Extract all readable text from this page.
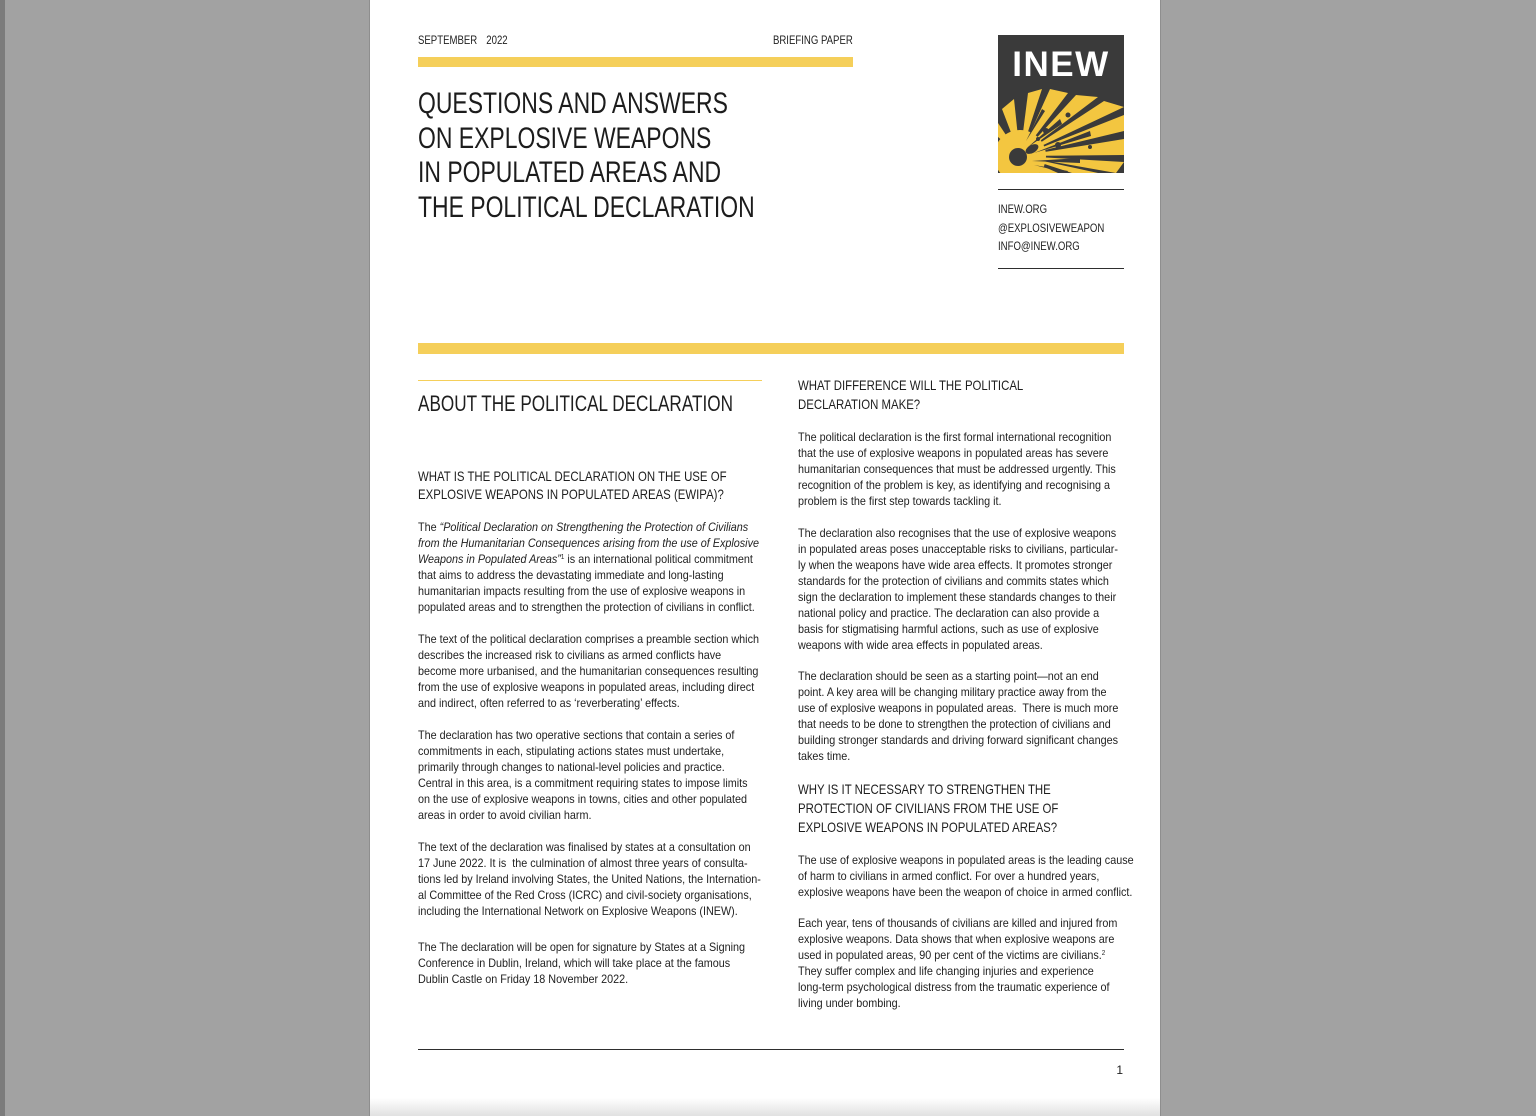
SEPTEMBER 2022	BRIEFING PAPER
QUESTIONS AND ANSWERS
ON EXPLOSIVE WEAPONS
IN POPULATED AREAS AND
THE POLITICAL DECLARATION
INEW
INEW.ORG
@EXPLOSIVEWEAPON
INFO@INEW.ORG
ABOUT THE POLITICAL DECLARATION
WHAT IS THE POLITICAL DECLARATION ON THE USE OF
EXPLOSIVE WEAPONS IN POPULATED AREAS (EWIPA)?
The “Political Declaration on Strengthening the Protection of Civilians
from the Humanitarian Consequences arising from the use of Explosive
Weapons in Populated Areas”$^1$ is an international political commitment
that aims to address the devastating immediate and long-lasting
humanitarian impacts resulting from the use of explosive weapons in
populated areas and to strengthen the protection of civilians in conflict.
The text of the political declaration comprises a preamble section which
describes the increased risk to civilians as armed conflicts have
become more urbanised, and the humanitarian consequences resulting
from the use of explosive weapons in populated areas, including direct
and indirect, often referred to as ‘reverberating’ effects.
The declaration has two operative sections that contain a series of
commitments in each, stipulating actions states must undertake,
primarily through changes to national-level policies and practice.
Central in this area, is a commitment requiring states to impose limits
on the use of explosive weapons in towns, cities and other populated
areas in order to avoid civilian harm.
The text of the declaration was finalised by states at a consultation on
17 June 2022. It is  the culmination of almost three years of consulta-
tions led by Ireland involving States, the United Nations, the Internation-
al Committee of the Red Cross (ICRC) and civil-society organisations,
including the International Network on Explosive Weapons (INEW).
The The declaration will be open for signature by States at a Signing
Conference in Dublin, Ireland, which will take place at the famous
Dublin Castle on Friday 18 November 2022.
WHAT DIFFERENCE WILL THE POLITICAL
DECLARATION MAKE?
The political declaration is the first formal international recognition
that the use of explosive weapons in populated areas has severe
humanitarian consequences that must be addressed urgently. This
recognition of the problem is key, as identifying and recognising a
problem is the first step towards tackling it.
The declaration also recognises that the use of explosive weapons
in populated areas poses unacceptable risks to civilians, particular-
ly when the weapons have wide area effects. It promotes stronger
standards for the protection of civilians and commits states which
sign the declaration to implement these standards changes to their
national policy and practice. The declaration can also provide a
basis for stigmatising harmful actions, such as use of explosive
weapons with wide area effects in populated areas.
The declaration should be seen as a starting point—not an end
point. A key area will be changing military practice away from the
use of explosive weapons in populated areas.  There is much more
that needs to be done to strengthen the protection of civilians and
building stronger standards and driving forward significant changes
takes time.
WHY IS IT NECESSARY TO STRENGTHEN THE
PROTECTION OF CIVILIANS FROM THE USE OF
EXPLOSIVE WEAPONS IN POPULATED AREAS?
The use of explosive weapons in populated areas is the leading cause
of harm to civilians in armed conflict. For over a hundred years,
explosive weapons have been the weapon of choice in armed conflict.
Each year, tens of thousands of civilians are killed and injured from
explosive weapons. Data shows that when explosive weapons are
used in populated areas, 90 per cent of the victims are civilians.$^2$
They suffer complex and life changing injuries and experience
long-term psychological distress from the traumatic experience of
living under bombing.
1
